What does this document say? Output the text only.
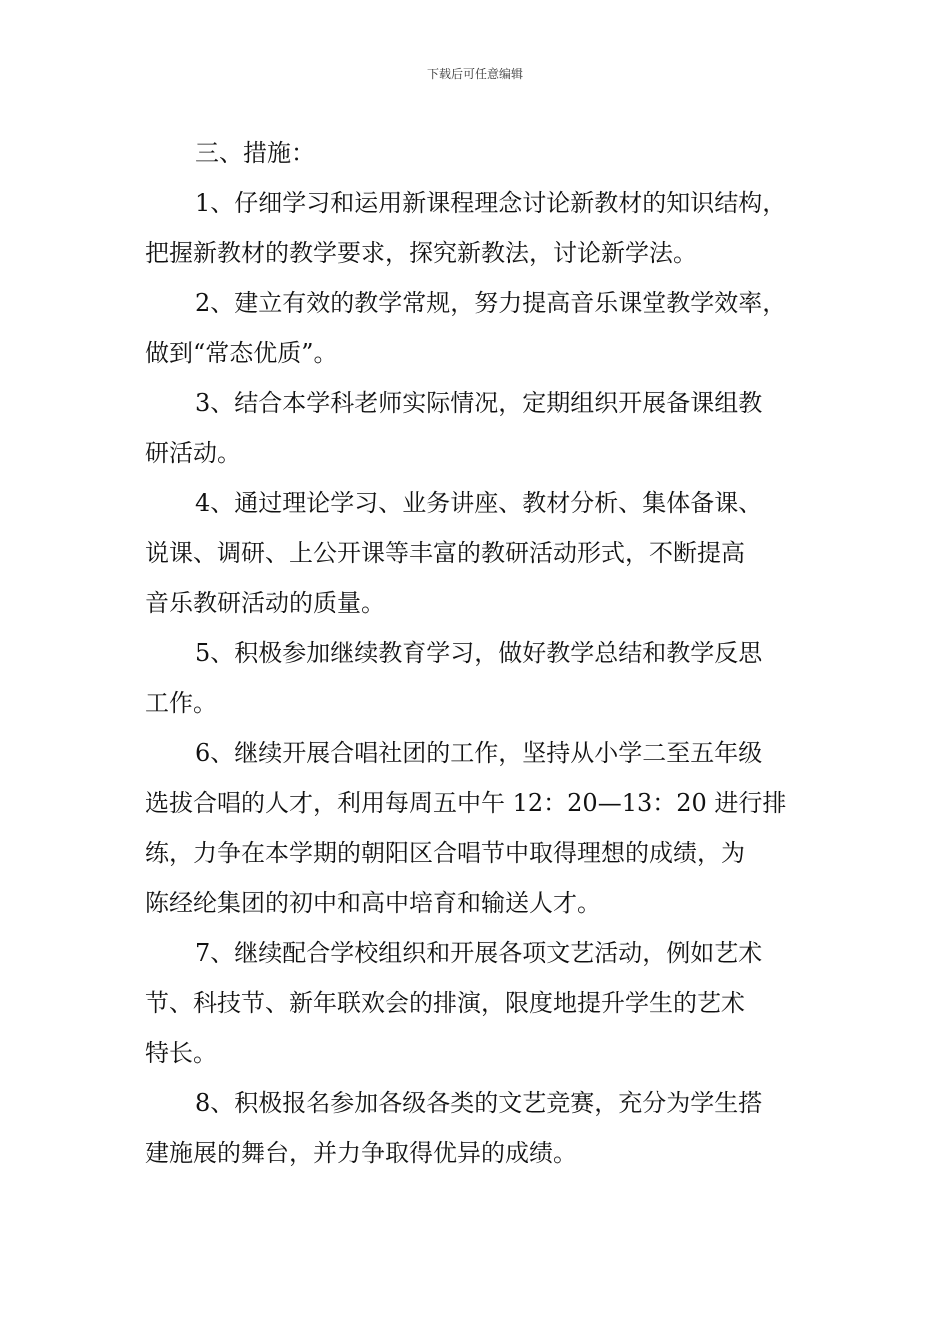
下载后可任意编辑
三、措施：

1、仔细学习和运用新课程理念讨论新教材的知识结构，
把握新教材的教学要求，探究新教法，讨论新学法。

2、建立有效的教学常规，努力提高音乐课堂教学效率，
做到“常态优质”。

3、结合本学科老师实际情况，定期组织开展备课组教
研活动。

4、通过理论学习、业务讲座、教材分析、集体备课、
说课、调研、上公开课等丰富的教研活动形式，不断提高
音乐教研活动的质量。

5、积极参加继续教育学习，做好教学总结和教学反思
工作。

6、继续开展合唱社团的工作，坚持从小学二至五年级
选拔合唱的人才，利用每周五中午 12：20—13：20 进行排
练，力争在本学期的朝阳区合唱节中取得理想的成绩，为
陈经纶集团的初中和高中培育和输送人才。

7、继续配合学校组织和开展各项文艺活动，例如艺术
节、科技节、新年联欢会的排演，限度地提升学生的艺术
特长。

8、积极报名参加各级各类的文艺竞赛，充分为学生搭
建施展的舞台，并力争取得优异的成绩。
